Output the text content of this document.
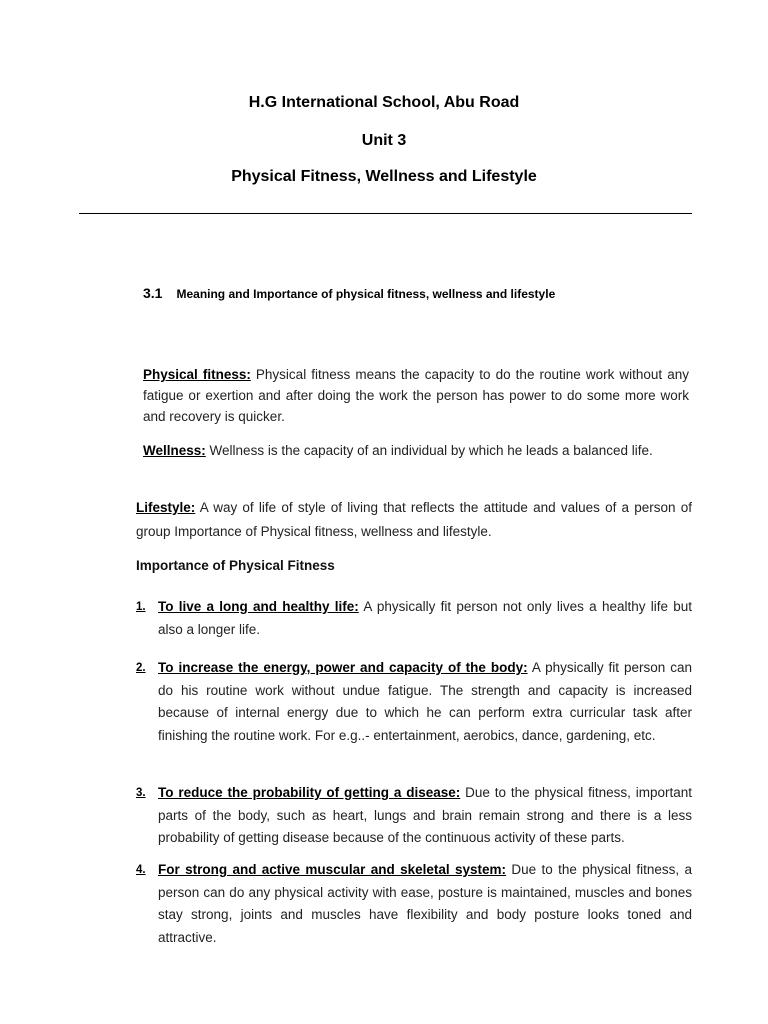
H.G International School, Abu Road
Unit 3
Physical Fitness, Wellness and Lifestyle

3.1 Meaning and Importance of physical fitness, wellness and lifestyle

Physical fitness: Physical fitness means the capacity to do the routine work without any fatigue or exertion and after doing the work the person has power to do some more work and recovery is quicker.

Wellness: Wellness is the capacity of an individual by which he leads a balanced life.

Lifestyle: A way of life of style of living that reflects the attitude and values of a person of group Importance of Physical fitness, wellness and lifestyle.

Importance of Physical Fitness
1. To live a long and healthy life: A physically fit person not only lives a healthy life but also a longer life.

2. To increase the energy, power and capacity of the body: A physically fit person can do his routine work without undue fatigue. The strength and capacity is increased because of internal energy due to which he can perform extra curricular task after finishing the routine work. For e.g..- entertainment, aerobics, dance, gardening, etc.

3. To reduce the probability of getting a disease: Due to the physical fitness, important parts of the body, such as heart, lungs and brain remain strong and there is a less probability of getting disease because of the continuous activity of these parts.

4. For strong and active muscular and skeletal system: Due to the physical fitness, a person can do any physical activity with ease, posture is maintained, muscles and bones stay strong, joints and muscles have flexibility and body posture looks toned and attractive.
